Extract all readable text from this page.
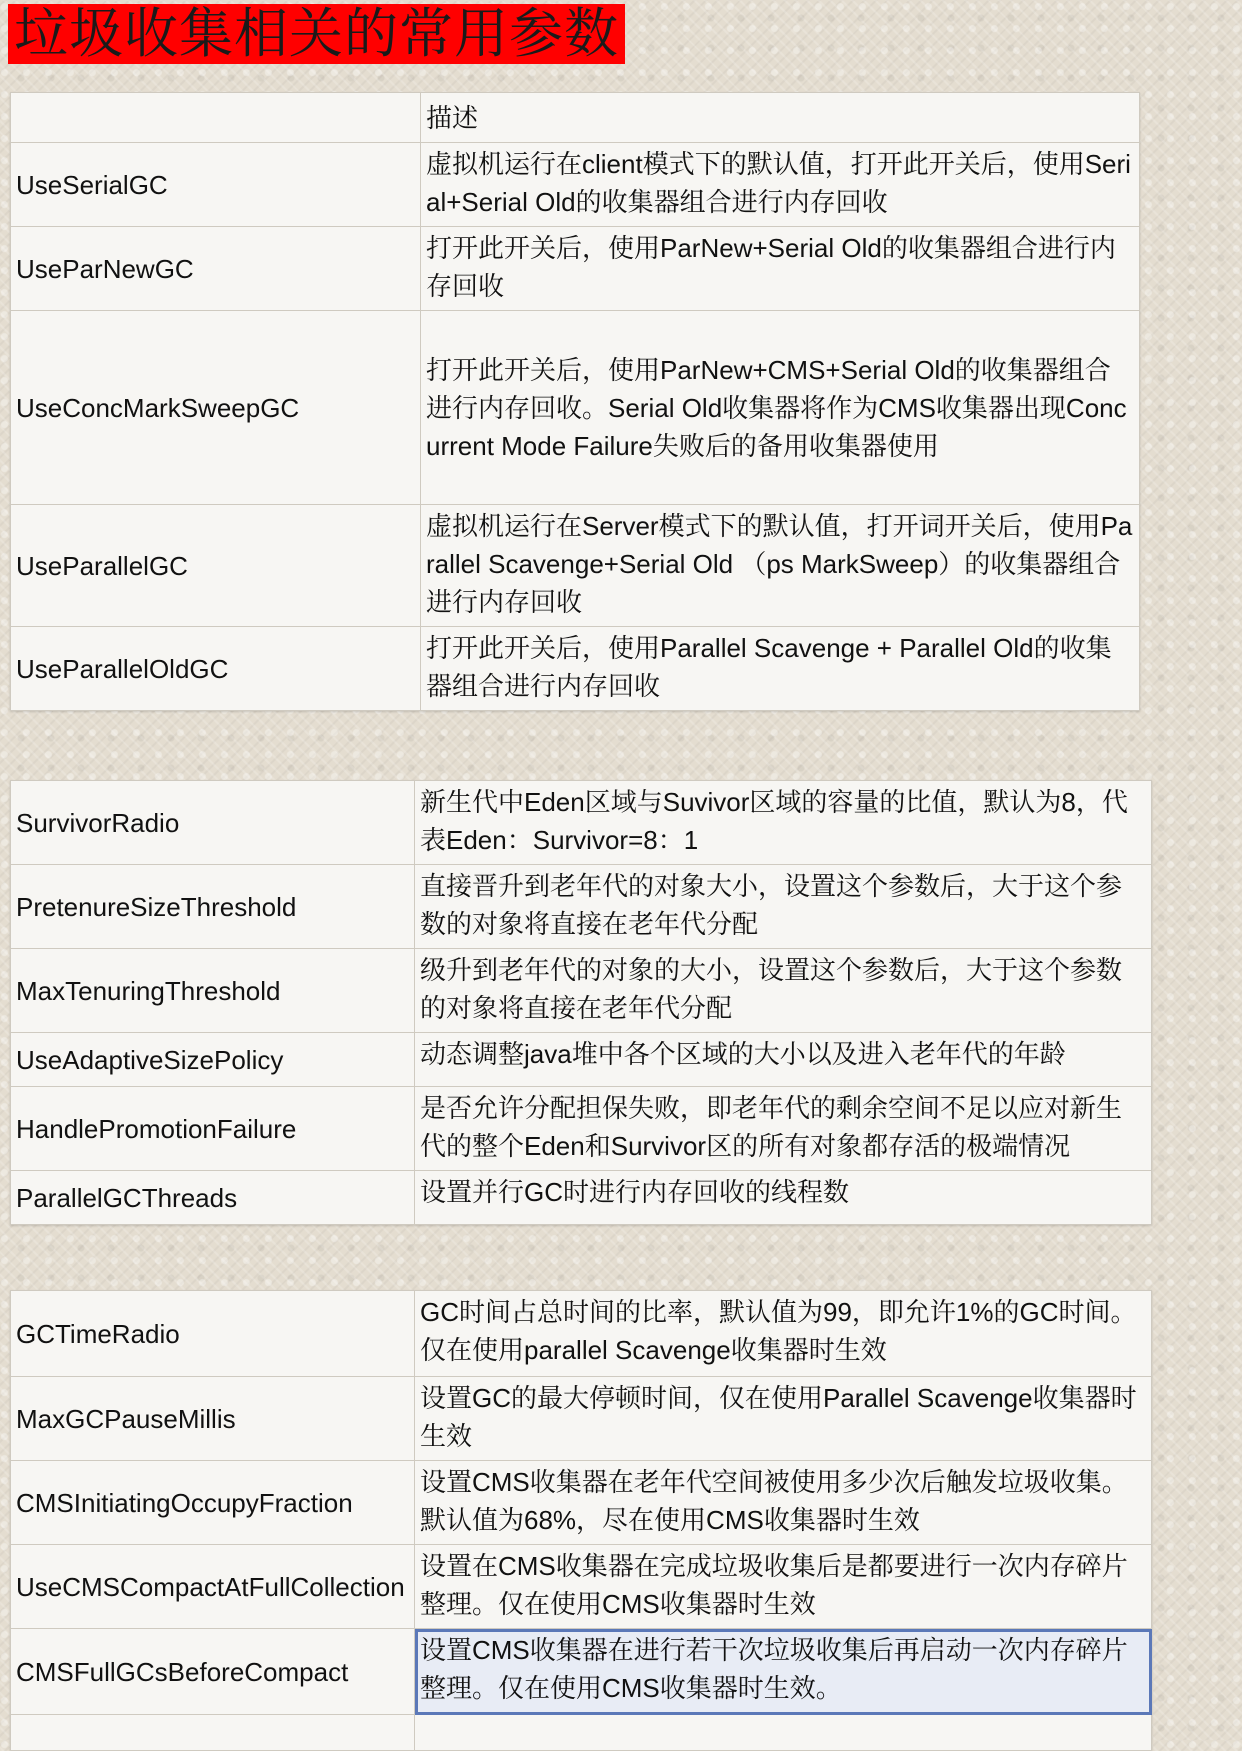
垃圾收集相关的常用参数
	描述
UseSerialGC	虚拟机运行在client模式下的默认值，打开此开关后，使用Serial+Serial Old的收集器组合进行内存回收
UseParNewGC	打开此开关后，使用ParNew+Serial Old的收集器组合进行内存回收
UseConcMarkSweepGC	打开此开关后，使用ParNew+CMS+Serial Old的收集器组合进行内存回收。Serial Old收集器将作为CMS收集器出现Concurrent Mode Failure失败后的备用收集器使用
UseParallelGC	虚拟机运行在Server模式下的默认值，打开词开关后，使用Parallel Scavenge+Serial Old （ps MarkSweep）的收集器组合进行内存回收
UseParallelOldGC	打开此开关后，使用Parallel Scavenge + Parallel Old的收集器组合进行内存回收
SurvivorRadio	新生代中Eden区域与Suvivor区域的容量的比值，默认为8，代表Eden：Survivor=8：1
PretenureSizeThreshold	直接晋升到老年代的对象大小，设置这个参数后，大于这个参数的对象将直接在老年代分配
MaxTenuringThreshold	级升到老年代的对象的大小，设置这个参数后，大于这个参数的对象将直接在老年代分配
UseAdaptiveSizePolicy	动态调整java堆中各个区域的大小以及进入老年代的年龄
HandlePromotionFailure	是否允许分配担保失败，即老年代的剩余空间不足以应对新生代的整个Eden和Survivor区的所有对象都存活的极端情况
ParallelGCThreads	设置并行GC时进行内存回收的线程数
GCTimeRadio	GC时间占总时间的比率，默认值为99，即允许1%的GC时间。仅在使用parallel Scavenge收集器时生效
MaxGCPauseMillis	设置GC的最大停顿时间，仅在使用Parallel Scavenge收集器时生效
CMSInitiatingOccupyFraction	设置CMS收集器在老年代空间被使用多少次后触发垃圾收集。默认值为68%，尽在使用CMS收集器时生效
UseCMSCompactAtFullCollection	设置在CMS收集器在完成垃圾收集后是都要进行一次内存碎片整理。仅在使用CMS收集器时生效
CMSFullGCsBeforeCompact	设置CMS收集器在进行若干次垃圾收集后再启动一次内存碎片整理。仅在使用CMS收集器时生效。
